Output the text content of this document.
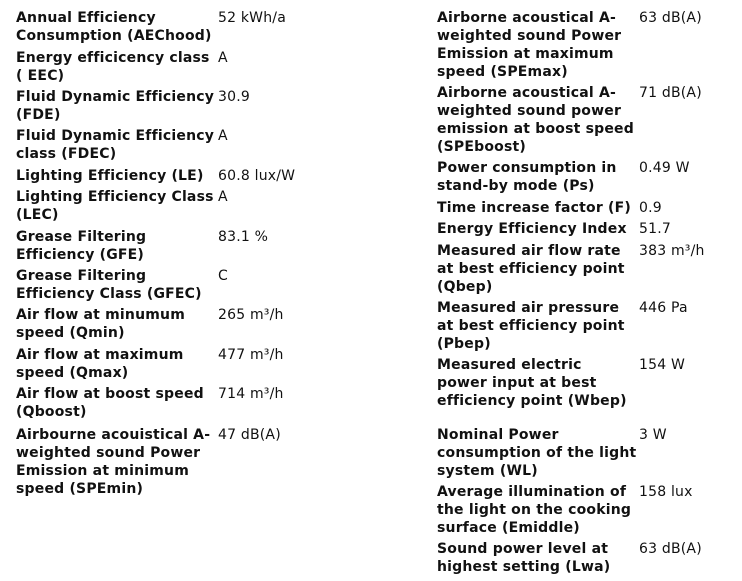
Annual Efficiency
Consumption (AEChood)
52 kWh/a
Energy efficicency class
( EEC)
A
Fluid Dynamic Efficiency
(FDE)
30.9
Fluid Dynamic Efficiency
class (FDEC)
A
Lighting Efficiency (LE) 60.8 lux/W
Lighting Efficiency Class
(LEC)
A
Grease Filtering
Efficiency (GFE)
83.1 %
Grease Filtering
Efficiency Class (GFEC)
C
Air flow at minumum
speed (Qmin)
265 m³/h
Air flow at maximum
speed (Qmax)
477 m³/h
Air flow at boost speed
(Qboost)
714 m³/h
Airbourne acouistical A-
weighted sound Power
Emission at minimum
speed (SPEmin)
47 dB(A)
Airborne acoustical A-
weighted sound Power
Emission at maximum
speed (SPEmax)
63 dB(A)
Airborne acoustical A-
weighted sound power
emission at boost speed
(SPEboost)
71 dB(A)
Power consumption in
stand-by mode (Ps)
0.49 W
Time increase factor (F) 0.9
Energy Efficiency Index 51.7
Measured air flow rate
at best efficiency point
(Qbep)
383 m³/h
Measured air pressure
at best efficiency point
(Pbep)
446 Pa
Measured electric
power input at best
efficiency point (Wbep)
154 W
Nominal Power
consumption of the light
system (WL)
3 W
Average illumination of
the light on the cooking
surface (Emiddle)
158 lux
Sound power level at
highest setting (Lwa)
63 dB(A)
